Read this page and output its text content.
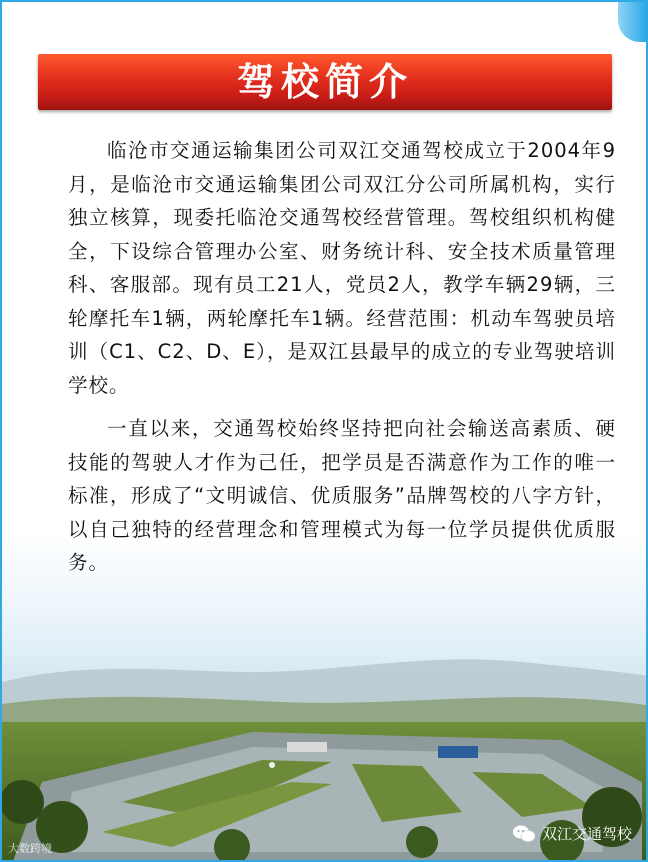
驾校简介

临沧市交通运输集团公司双江交通驾校成立于2004年9月，是临沧市交通运输集团公司双江分公司所属机构，实行独立核算，现委托临沧交通驾校经营管理。驾校组织机构健全，下设综合管理办公室、财务统计科、安全技术质量管理科、客服部。现有员工21人，党员2人，教学车辆29辆，三轮摩托车1辆，两轮摩托车1辆。经营范围：机动车驾驶员培训（C1、C2、D、E），是双江县最早的成立的专业驾驶培训学校。

一直以来，交通驾校始终坚持把向社会输送高素质、硬技能的驾驶人才作为己任，把学员是否满意作为工作的唯一标准，形成了“文明诚信、优质服务”品牌驾校的八字方针，以自己独特的经营理念和管理模式为每一位学员提供优质服务。

大数跨境
双江交通驾校
